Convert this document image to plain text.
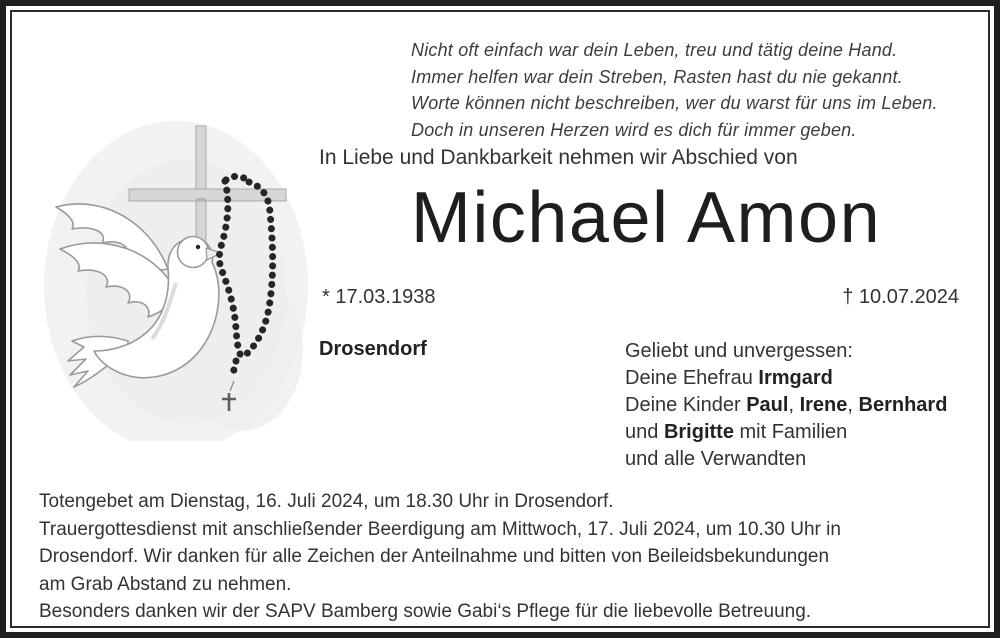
Nicht oft einfach war dein Leben, treu und tätig deine Hand.
Immer helfen war dein Streben, Rasten hast du nie gekannt.
Worte können nicht beschreiben, wer du warst für uns im Leben.
Doch in unseren Herzen wird es dich für immer geben.
In Liebe und Dankbarkeit nehmen wir Abschied von
Michael Amon
* 17.03.1938	† 10.07.2024
Drosendorf	Geliebt und unvergessen:
Deine Ehefrau Irmgard
Deine Kinder Paul, Irene, Bernhard
und Brigitte mit Familien
und alle Verwandten
Totengebet am Dienstag, 16. Juli 2024, um 18.30 Uhr in Drosendorf.
Trauergottesdienst mit anschließender Beerdigung am Mittwoch, 17. Juli 2024, um 10.30 Uhr in
Drosendorf. Wir danken für alle Zeichen der Anteilnahme und bitten von Beileidsbekundungen
am Grab Abstand zu nehmen.
Besonders danken wir der SAPV Bamberg sowie Gabi‘s Pflege für die liebevolle Betreuung.
